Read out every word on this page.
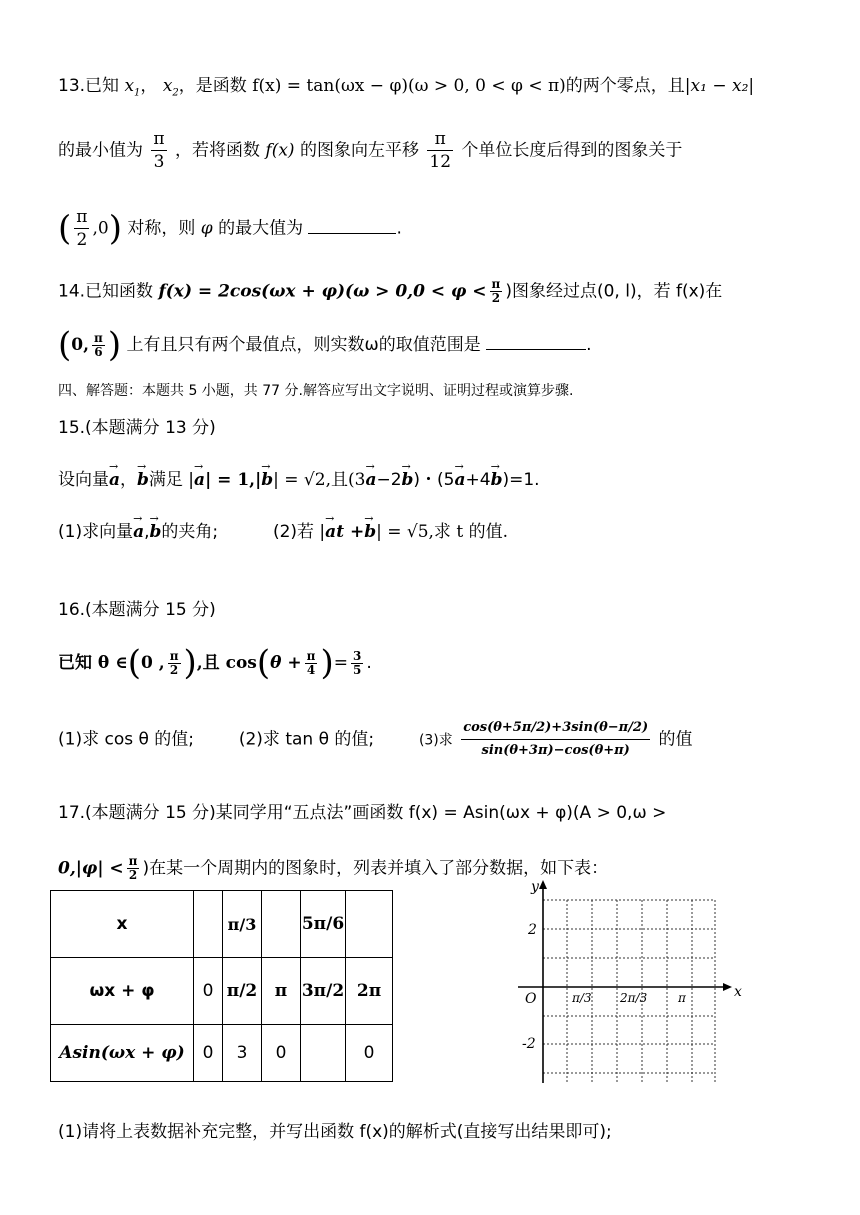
13.已知 $x_1$， $x_2$，是函数 f(x) = tan(ωx − φ)(ω > 0, 0 < φ < π)的两个零点，且|x₁ − x₂|
的最小值为 $\frac{\pi}{3}$ ，若将函数 f(x) 的图象向左平移 $\frac{\pi}{12}$ 个单位长度后得到的图象关于
( $\frac{\pi}{2} ,0$) 对称，则 φ 的最大值为	.
14.已知函数 $f(x) = 2\cos(\omega x + \varphi)(\omega > 0,0 < \varphi < \frac{\pi}{2}$ )图象经过点(0, l)，若 f(x)在
(0, $\frac{\pi}{6}$ ) 上有且只有两个最值点，则实数ω的取值范围是	.
四、解答题：本题共 5 小题，共 77 分.解答应写出文字说明、证明过程或演算步骤.
15.(本题满分 13 分)
设向量→ a，→ b满足 |→ a| = 1,|→ b| = √2,且(3→ a−2→ b)・(5→ a+4→ b)=1.
(1)求向量→ a,→ b的夹角;	(2)若 |→ at +→ b| = √5,求 t 的值.
16.(本题满分 15 分)
已知 θ ∈(0 , $\frac{\pi}{2}$ ),且 $\cos(\theta + \frac{\pi}{4}$ )= $\frac{3}{5}$ .
(1)求 cos θ 的值;	(2)求 tan θ 的值;	(3)求 $\frac{\cos(\theta+5\pi/2)+3\sin(\theta-\pi/2)}{\sin(\theta+3\pi)-\cos(\theta+\pi)}$ 的值
17.(本题满分 15 分)某同学用“五点法”画函数 f(x) = Asin(ωx + φ)(A > 0,ω >
$0,|\varphi| < \frac{\pi}{2}$ )在某一个周期内的图象时，列表并填入了部分数据，如下表：
x		π/3		5π/6	
ωx + φ	0	π/2	π	3π/2	2π
Asin(ωx + φ)	0	3	0		0
y
x
O
2
-2
π/3 2π/3	π
(1)请将上表数据补充完整，并写出函数 f(x)的解析式(直接写出结果即可);
